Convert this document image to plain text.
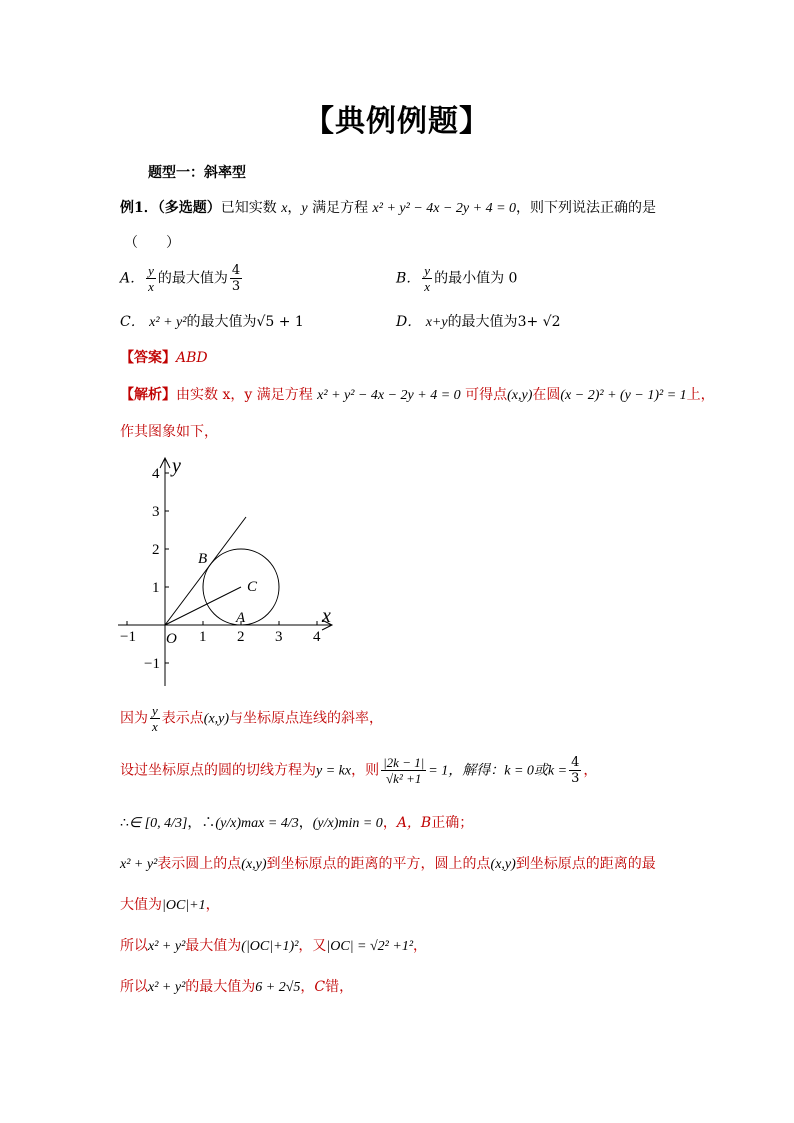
【典例例题】
题型一：斜率型
例1．（多选题）已知实数 x，y 满足方程 x² + y² − 4x − 2y + 4 = 0，则下列说法正确的是
（　　）
A． $\frac{y}{x}$ 的最大值为 $\frac{4}{3}$	B． $\frac{y}{x}$ 的最小值为 0
C． x² + y²的最大值为√5 + 1	D． x+y的最大值为3+ √2
【答案】ABD
【解析】由实数 x，y 满足方程 x² + y² − 4x − 2y + 4 = 0 可得点(x,y)在圆(x − 2)² + (y − 1)² = 1上，
作其图象如下，
y
x
−1	1 2 3 4
4
3
2
1
−1
O
A
B
C
因为 $\frac{y}{x}$ 表示点(x,y)与坐标原点连线的斜率，
设过坐标原点的圆的切线方程为y = kx，则 $\frac{|2k - 1|}{\text{√k² +1}} = 1$，解得：k = 0或$k = \frac{4}{3}$ ，
∴∈ [0, 4/3]，∴(y/x)max = 4/3，(y/x)min = 0，A，B正确；
x² + y²表示圆上的点(x,y)到坐标原点的距离的平方，圆上的点(x,y)到坐标原点的距离的最
大值为|OC|+1，
所以x² + y²最大值为(|OC|+1)²，又|OC| = √2² +1²，
所以x² + y²的最大值为6 + 2√5，C错，
